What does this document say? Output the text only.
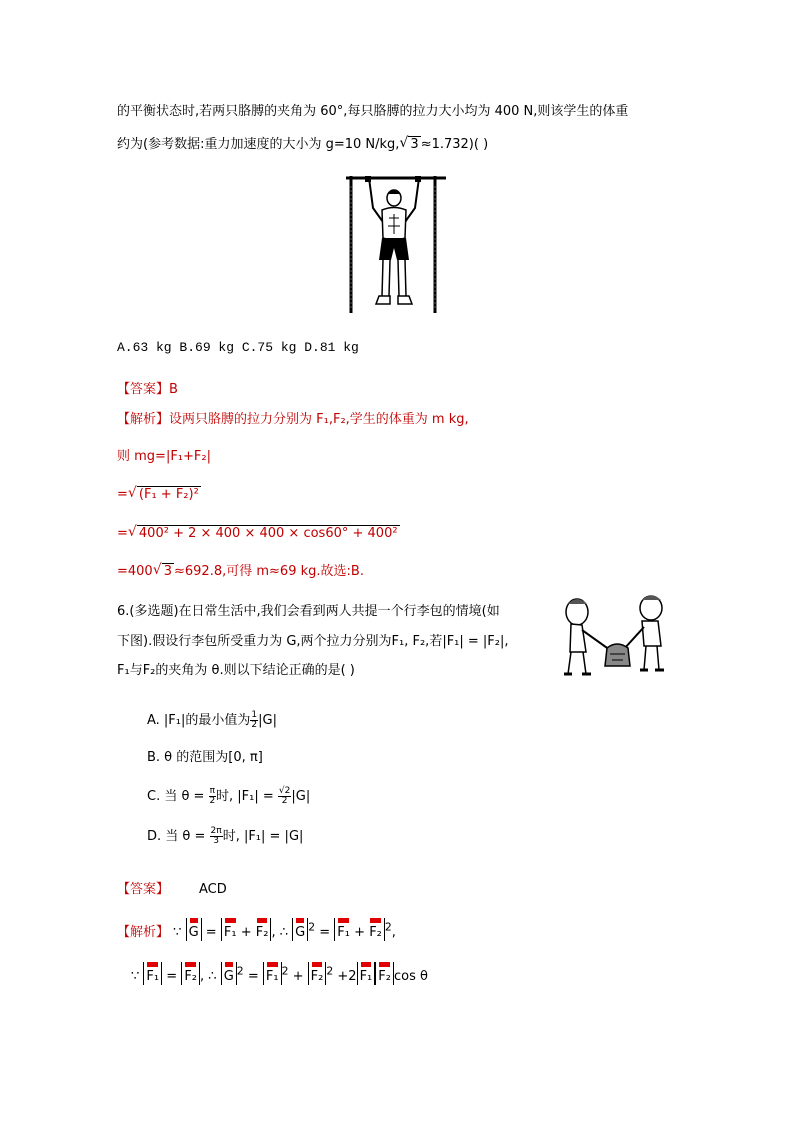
的平衡状态时,若两只胳膊的夹角为 60°,每只胳膊的拉力大小均为 400 N,则该学生的体重
约为(参考数据:重力加速度的大小为 g=10 N/kg, √ 3 ≈1.732)( )
A.63 kg B.69 kg C.75 kg D.81 kg
【答案】B
【解析】设两只胳膊的拉力分别为 F₁,F₂,学生的体重为 m kg,
则 mg=|F₁+F₂|
= √ (F₁ + F₂)²
= √ 400² + 2 × 400 × 400 × cos60° + 400²
=400 √ 3 ≈692.8,可得 m≈69 kg.故选:B.
6.(多选题)在日常生活中,我们会看到两人共提一个行李包的情境(如
下图).假设行李包所受重力为 G,两个拉力分别为F₁, F₂,若|F₁| = |F₂|,
F₁与F₂的夹角为 θ.则以下结论正确的是( )
A. |F₁|的最小值为 $\frac{1}{2} |G|$
B. θ 的范围为[0, π]
C. 当 $\theta = \frac{\pi}{2}$ 时, $|F_1| = \frac{√2}{2} |G|$
D. 当 $\theta = \frac{2\pi}{3}$ 时, |F₁| = |G|
【答案】 ACD
【解析】 ∵ G = F₁ + F₂ , ∴ G $^2$ = F₁ + F₂ $^2$,
∵ F₁ = F₂ , ∴ G $^2$ = F₁ $^2$ + F₂ $^2$ +2 F₁ F₂ cos θ
